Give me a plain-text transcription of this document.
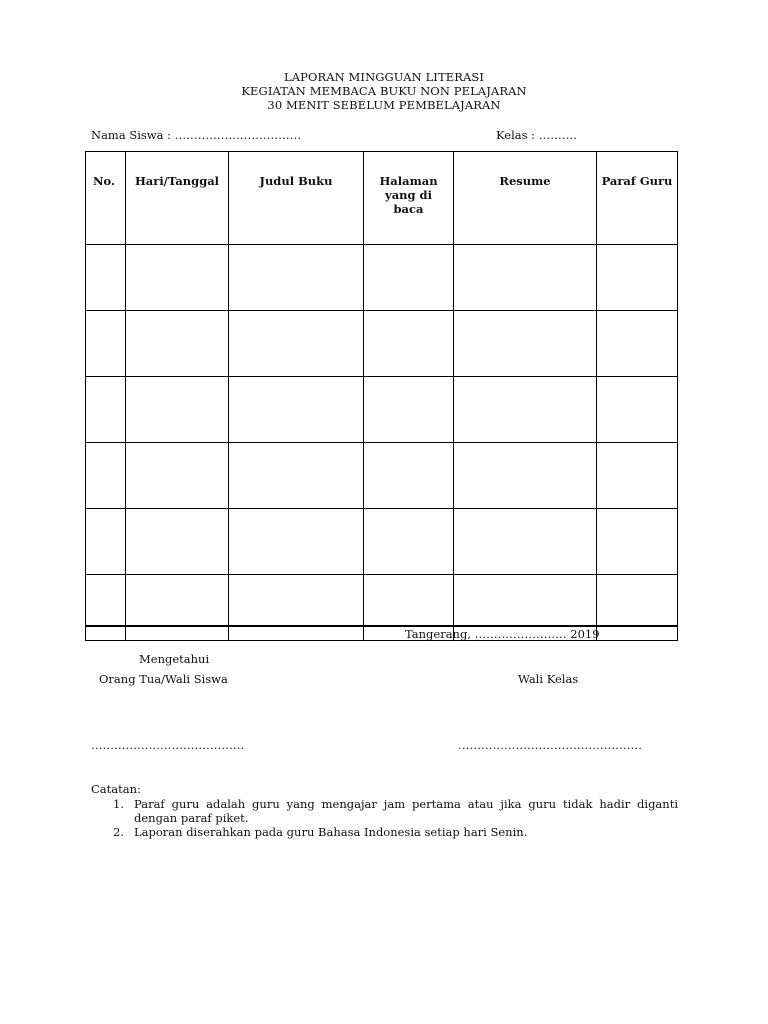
LAPORAN MINGGUAN LITERASI
KEGIATAN MEMBACA BUKU NON PELAJARAN
30 MENIT SEBELUM PEMBELAJARAN
Nama Siswa : ……………………………	Kelas : ……….
No.	Hari/Tanggal	Judul Buku	Halaman yang di baca	Resume	Paraf Guru

Tangerang, …………………… 2019
Mengetahui
Orang Tua/Wali Siswa	Wali Kelas
………………………………….	…………………………………………
Catatan:
1. Paraf guru adalah guru yang mengajar jam pertama atau jika guru tidak hadir diganti dengan paraf piket.
2. Laporan diserahkan pada guru Bahasa Indonesia setiap hari Senin.
